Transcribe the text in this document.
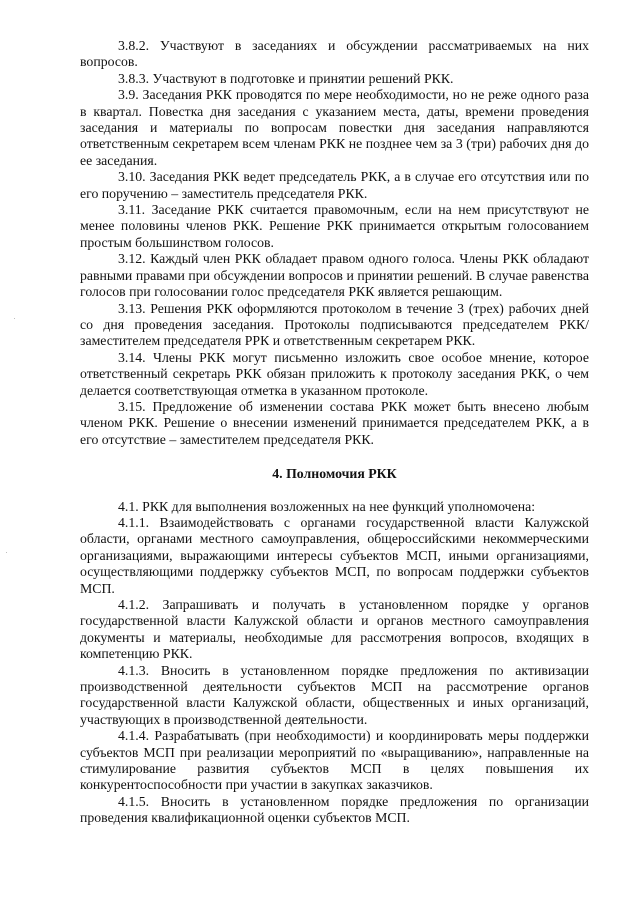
3.8.2. Участвуют в заседаниях и обсуждении рассматриваемых на них вопросов.

3.8.3. Участвуют в подготовке и принятии решений РКК.

3.9. Заседания РКК проводятся по мере необходимости, но не реже одного раза в квартал. Повестка дня заседания с указанием места, даты, времени проведения заседания и материалы по вопросам повестки дня заседания направляются ответственным секретарем всем членам РКК не позднее чем за 3 (три) рабочих дня до ее заседания.

3.10. Заседания РКК ведет председатель РКК, а в случае его отсутствия или по его поручению – заместитель председателя РКК.

3.11. Заседание РКК считается правомочным, если на нем присутствуют не менее половины членов РКК. Решение РКК принимается открытым голосованием простым большинством голосов.

3.12. Каждый член РКК обладает правом одного голоса. Члены РКК обладают равными правами при обсуждении вопросов и принятии решений. В случае равенства голосов при голосовании голос председателя РКК является решающим.

3.13. Решения РКК оформляются протоколом в течение 3 (трех) рабочих дней со дня проведения заседания. Протоколы подписываются председателем РКК/заместителем председателя РРК и ответственным секретарем РКК.

3.14. Члены РКК могут письменно изложить свое особое мнение, которое ответственный секретарь РКК обязан приложить к протоколу заседания РКК, о чем делается соответствующая отметка в указанном протоколе.

3.15. Предложение об изменении состава РКК может быть внесено любым членом РКК. Решение о внесении изменений принимается председателем РКК, а в его отсутствие – заместителем председателя РКК.

4. Полномочия РКК

4.1. РКК для выполнения возложенных на нее функций уполномочена:

4.1.1. Взаимодействовать с органами государственной власти Калужской области, органами местного самоуправления, общероссийскими некоммерческими организациями, выражающими интересы субъектов МСП, иными организациями, осуществляющими поддержку субъектов МСП, по вопросам поддержки субъектов МСП.

4.1.2. Запрашивать и получать в установленном порядке у органов государственной власти Калужской области и органов местного самоуправления документы и материалы, необходимые для рассмотрения вопросов, входящих в компетенцию РКК.

4.1.3. Вносить в установленном порядке предложения по активизации производственной деятельности субъектов МСП на рассмотрение органов государственной власти Калужской области, общественных и иных организаций, участвующих в производственной деятельности.

4.1.4. Разрабатывать (при необходимости) и координировать меры поддержки субъектов МСП при реализации мероприятий по «выращиванию», направленные на стимулирование развития субъектов МСП в целях повышения их конкурентоспособности при участии в закупках заказчиков.

4.1.5. Вносить в установленном порядке предложения по организации проведения квалификационной оценки субъектов МСП.
